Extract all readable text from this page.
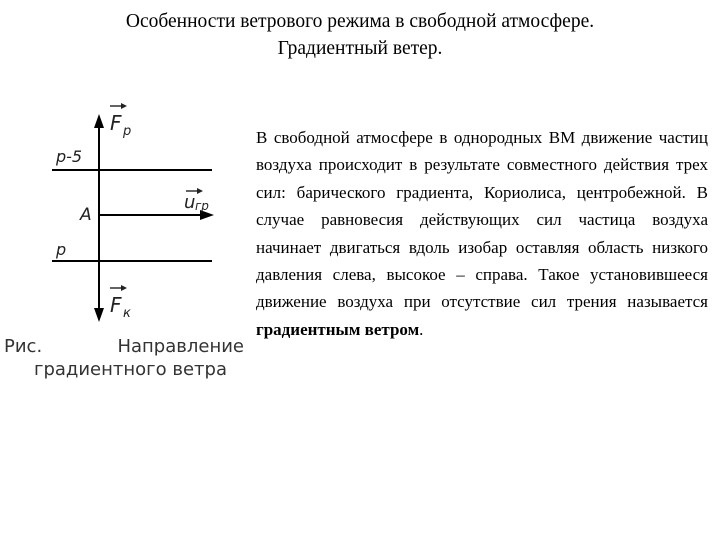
Особенности ветрового режима в свободной атмосфере.
Градиентный ветер.
F p
p-5
A
u гр
p
F к
Рис.	Направление
градиентного ветра
В свободной атмосфере в однородных ВМ движение частиц воздуха происходит в результате совместного действия трех сил: барического градиента, Кориолиса, центробежной. В случае равновесия действующих сил частица воздуха начинает двигаться вдоль изобар оставляя область низкого давления слева, высокое – справа. Такое установившееся движение воздуха при отсутствие сил трения называется градиентным ветром.
